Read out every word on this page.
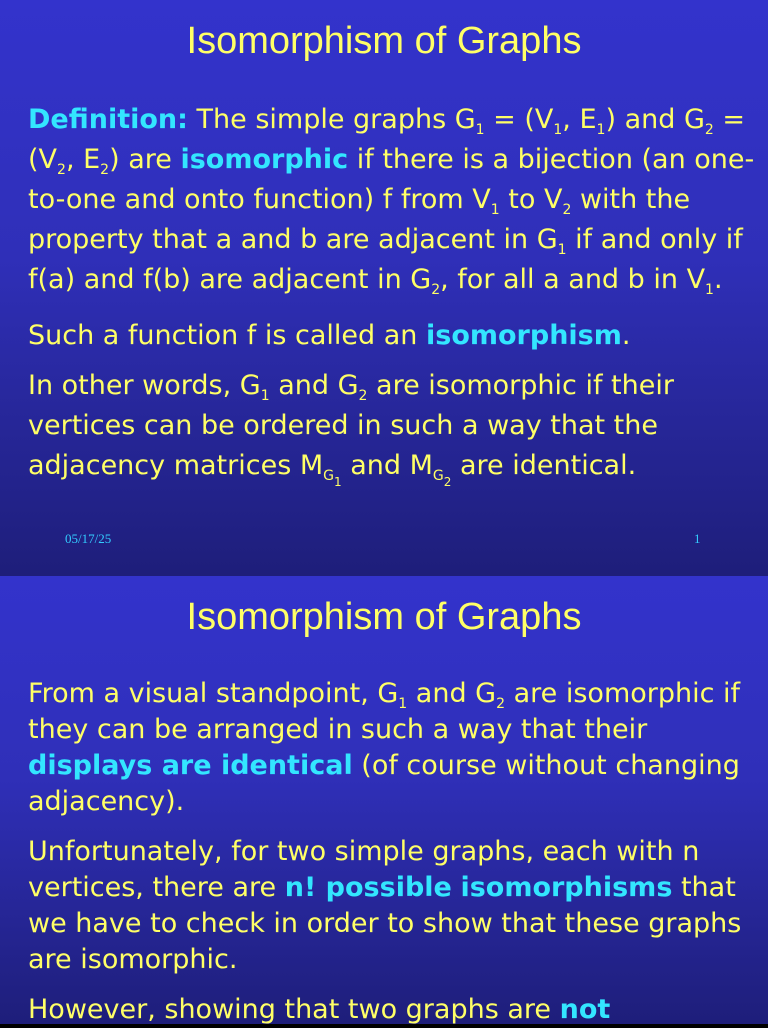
Isomorphism of Graphs

Definition: The simple graphs $G_1 = (V_1$, $E_1$) and $G_2 = (V_2$, $E_2$) are isomorphic if there is a bijection (an one-to-one and onto function) f from $V_1$ to $V_2$ with the property that a and b are adjacent in $G_1$ if and only if f(a) and f(b) are adjacent in $G_2$, for all a and b in $V_1$.

Such a function f is called an isomorphism.

In other words, $G_1$ and $G_2$ are isomorphic if their vertices can be ordered in such a way that the adjacency matrices $M_{G_1}$ and $M_{G_2}$ are identical.

05/17/25	1
Isomorphism of Graphs

From a visual standpoint, $G_1$ and $G_2$ are isomorphic if they can be arranged in such a way that their displays are identical (of course without changing adjacency).

Unfortunately, for two simple graphs, each with n vertices, there are n! possible isomorphisms that we have to check in order to show that these graphs are isomorphic.

However, showing that two graphs are not
